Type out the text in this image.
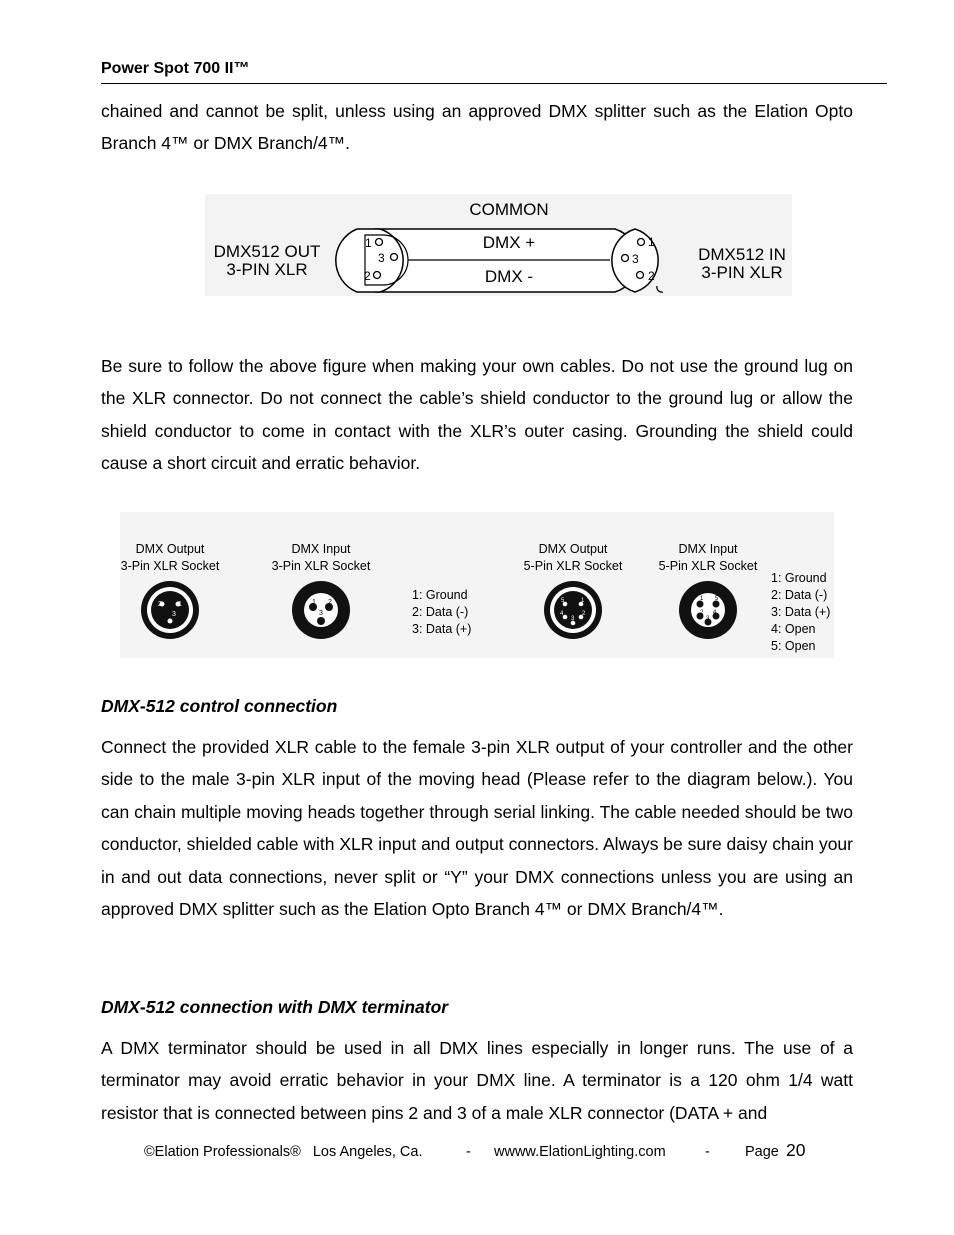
Power Spot 700 II™
chained and cannot be split, unless using an approved DMX splitter such as the Elation Opto Branch 4™ or DMX Branch/4™.
COMMON
DMX512 OUT
3-PIN XLR
DMX512 IN
3-PIN XLR
DMX +
DMX -
1
3
2
1
3
2
Be sure to follow the above figure when making your own cables. Do not use the ground lug on the XLR connector. Do not connect the cable’s shield conductor to the ground lug or allow the shield conductor to come in contact with the XLR’s outer casing. Grounding the shield could cause a short circuit and erratic behavior.
DMX Output
3-Pin XLR Socket
DMX Input
3-Pin XLR Socket
DMX Output
5-Pin XLR Socket
DMX Input
5-Pin XLR Socket
2 1
3
1 2
3
1: Ground
2: Data (-)
3: Data (+)
5	1
4	2
3
1 5
2 4
3
1: Ground
2: Data (-)
3: Data (+)
4: Open
5: Open
DMX-512 control connection
Connect the provided XLR cable to the female 3-pin XLR output of your controller and the other side to the male 3-pin XLR input of the moving head (Please refer to the diagram below.). You can chain multiple moving heads together through serial linking. The cable needed should be two conductor, shielded cable with XLR input and output connectors. Always be sure daisy chain your in and out data connections, never split or “Y” your DMX connections unless you are using an approved DMX splitter such as the Elation Opto Branch 4™ or DMX Branch/4™.
DMX-512 connection with DMX terminator
A DMX terminator should be used in all DMX lines especially in longer runs. The use of a terminator may avoid erratic behavior in your DMX line. A terminator is a 120 ohm 1/4 watt resistor that is connected between pins 2 and 3 of a male XLR connector (DATA + and
©Elation Professionals®   Los Angeles, Ca.	- wwww.ElationLighting.com	- Page 20
